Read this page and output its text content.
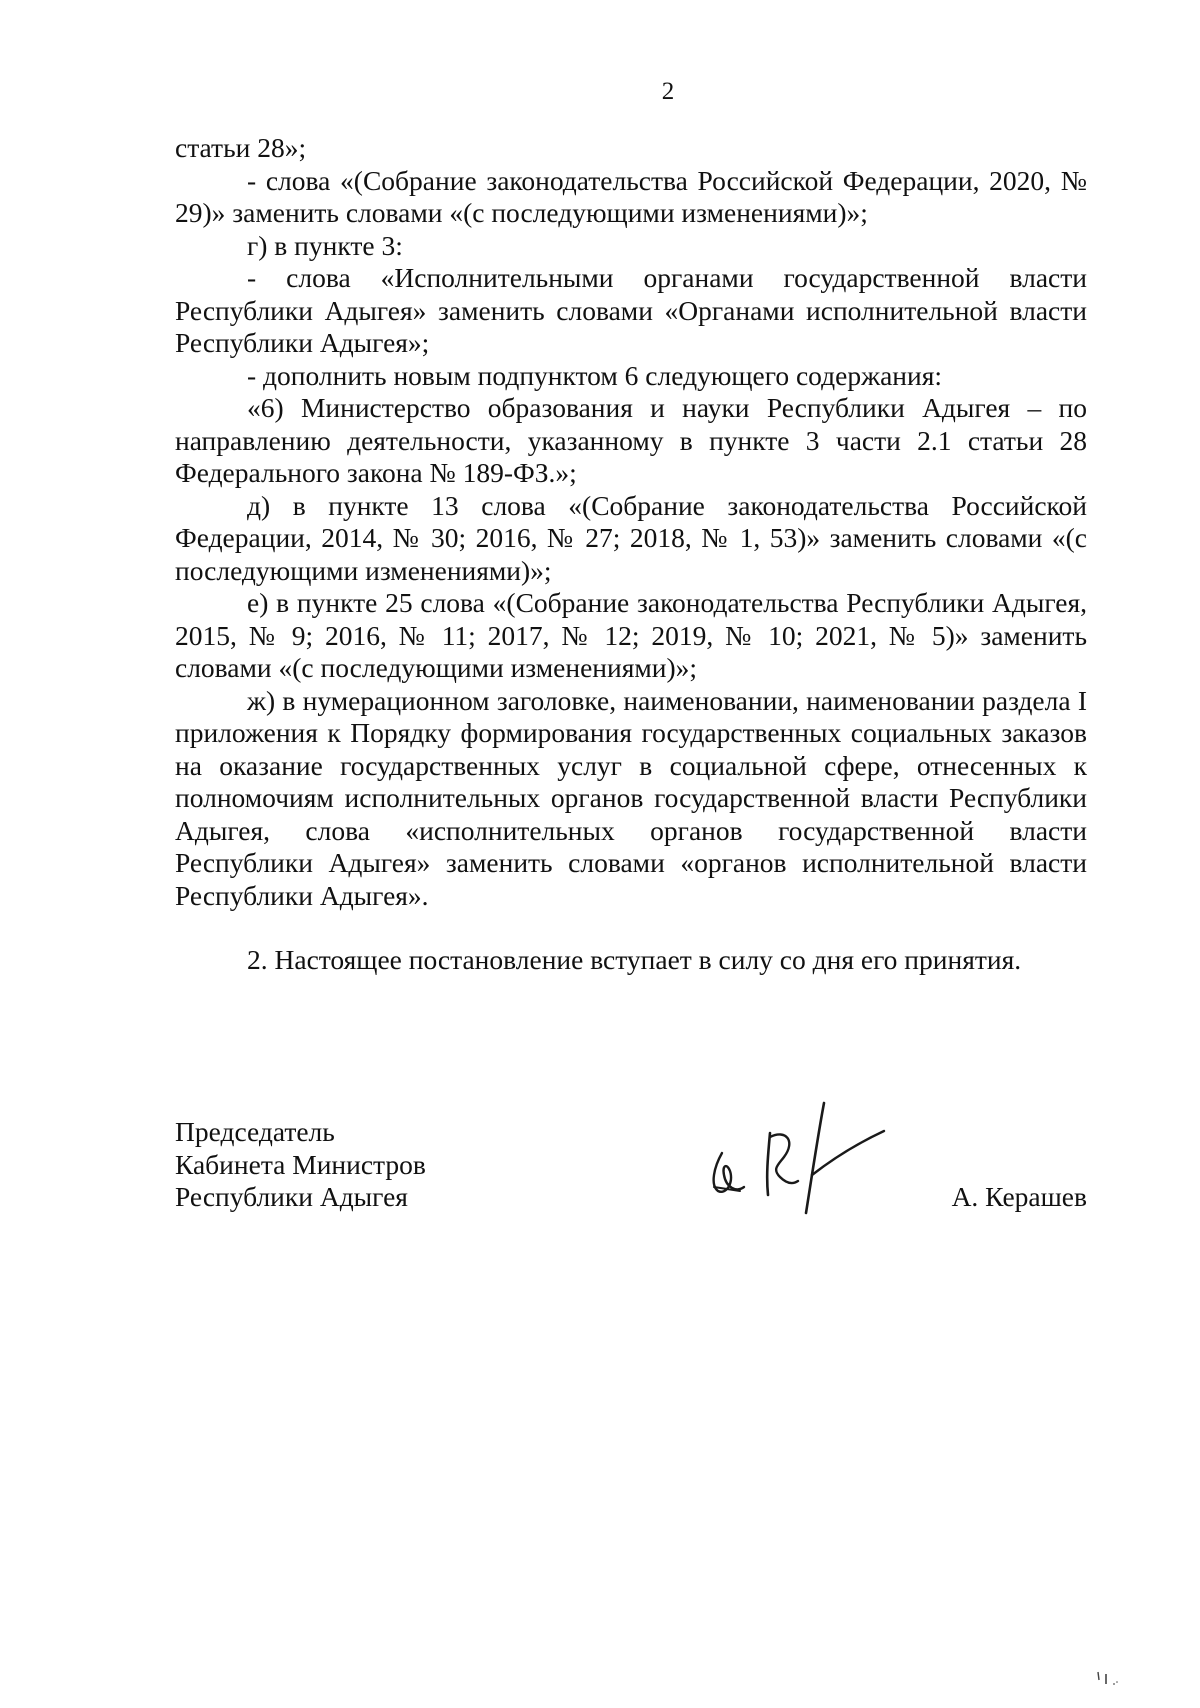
2

статьи 28»;

- слова «(Собрание законодательства Российской Федерации, 2020, № 29)» заменить словами «(с последующими изменениями)»;

г) в пункте 3:

- слова «Исполнительными органами государственной власти Республики Адыгея» заменить словами «Органами исполнительной власти Республики Адыгея»;

- дополнить новым подпунктом 6 следующего содержания:

«6) Министерство образования и науки Республики Адыгея – по направлению деятельности, указанному в пункте 3 части 2.1 статьи 28 Федерального закона № 189-ФЗ.»;

д) в пункте 13 слова «(Собрание законодательства Российской Федерации, 2014, № 30; 2016, № 27; 2018, № 1, 53)» заменить словами «(с последующими изменениями)»;

е) в пункте 25 слова «(Собрание законодательства Республики Адыгея, 2015, № 9; 2016, № 11; 2017, № 12; 2019, № 10; 2021, № 5)» заменить словами «(с последующими изменениями)»;

ж) в нумерационном заголовке, наименовании, наименовании раздела I приложения к Порядку формирования государственных социальных заказов на оказание государственных услуг в социальной сфере, отнесенных к полномочиям исполнительных органов государственной власти Республики Адыгея, слова «исполнительных органов государственной власти Республики Адыгея» заменить словами «органов исполнительной власти Республики Адыгея».

2. Настоящее постановление вступает в силу со дня его принятия.

Председатель
Кабинета Министров
Республики Адыгея	А. Керашев
